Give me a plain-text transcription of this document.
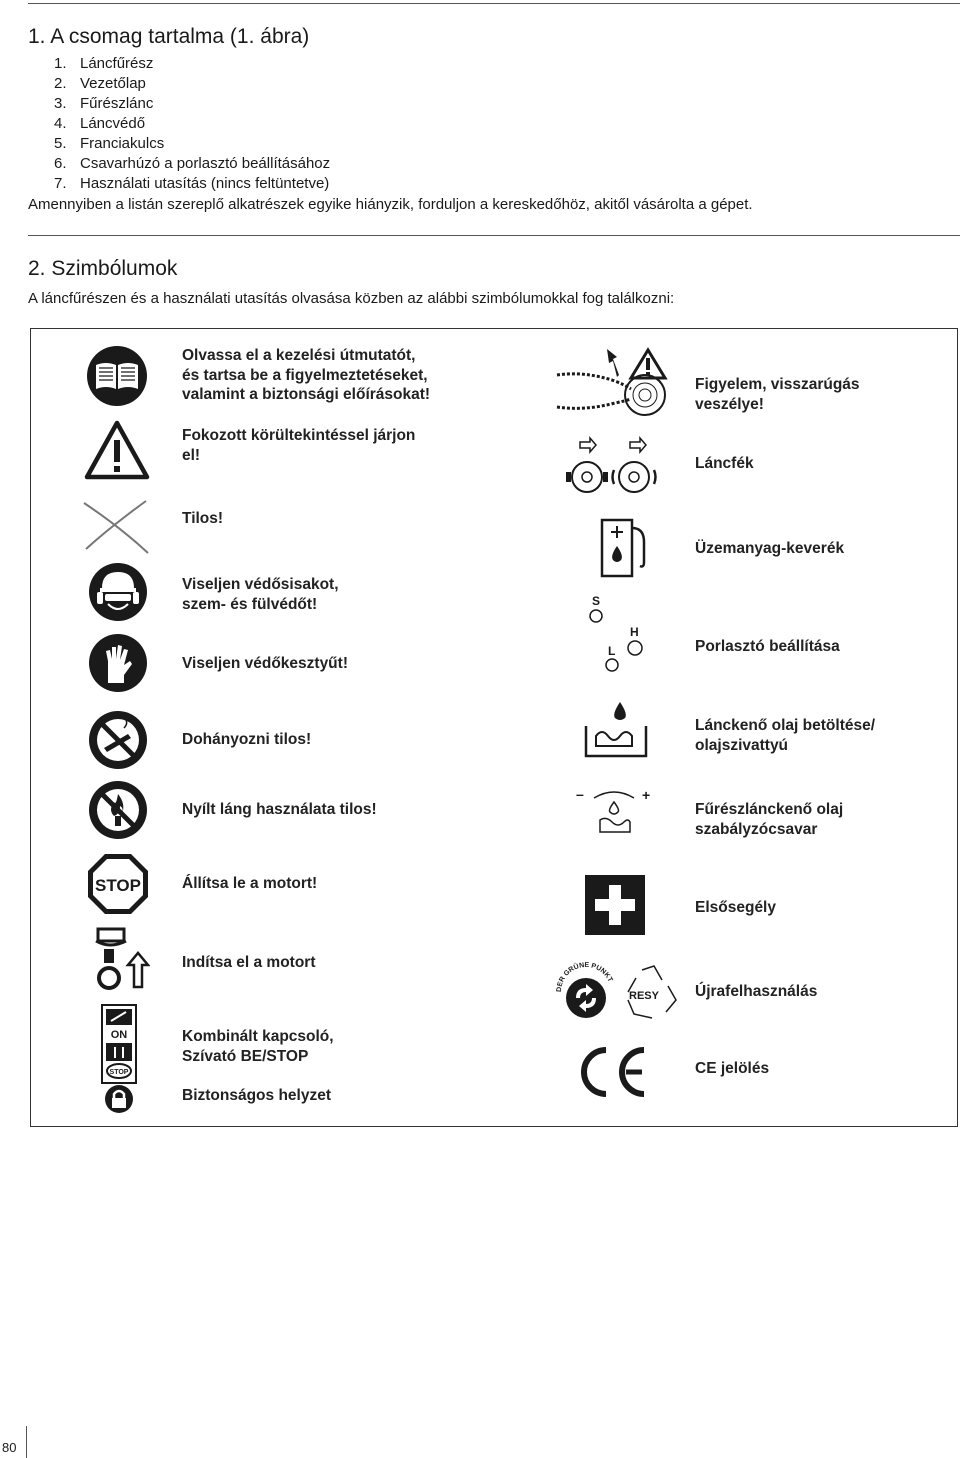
1. A csomag tartalma (1. ábra)
1. Láncfűrész
2. Vezetőlap
3. Fűrészlánc
4. Láncvédő
5. Franciakulcs
6. Csavarhúzó a porlasztó beállításához
7. Használati utasítás (nincs feltüntetve)
Amennyiben a listán szereplő alkatrészek egyike hiányzik, forduljon a kereskedőhöz, akitől vásárolta a gépet.
2. Szimbólumok
A láncfűrészen és a használati utasítás olvasása közben az alábbi szimbólumokkal fog találkozni:
STOP
ON
STOP
Olvassa el a kezelési útmutatót,
és tartsa be a figyelmeztetéseket,
valamint a biztonsági előírásokat!
Fokozott körültekintéssel járjon
el!
Tilos!
Viseljen védősisakot,
szem- és fülvédőt!
Viseljen védőkesztyűt!
Dohányozni tilos!
Nyílt láng használata tilos!
Állítsa le a motort!
Indítsa el a motort
Kombinált kapcsoló,
Szívató BE/STOP
Biztonságos helyzet
S
L
H
–	+
DER GRÜNE PUNKT
RESY
Figyelem, visszarúgás
veszélye!
Láncfék
Üzemanyag-keverék
Porlasztó beállítása
Lánckenő olaj betöltése/
olajszivattyú
Fűrészlánckenő olaj
szabályzócsavar
Elsősegély
Újrafelhasználás
CE jelölés
80
